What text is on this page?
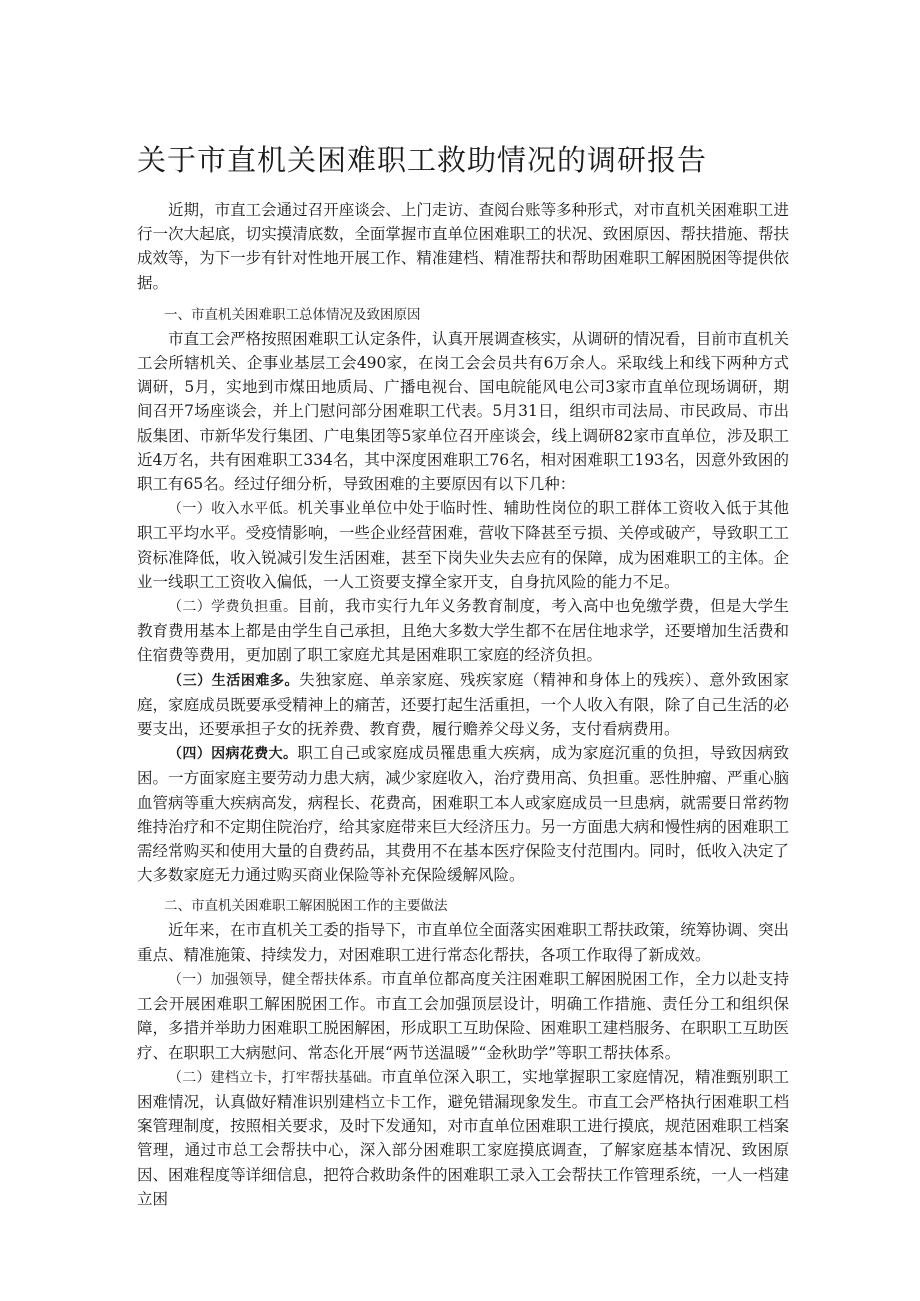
关于市直机关困难职工救助情况的调研报告

近期，市直工会通过召开座谈会、上门走访、查阅台账等多种形式，对市直机关困难职工进行一次大起底，切实摸清底数，全面掌握市直单位困难职工的状况、致困原因、帮扶措施、帮扶成效等，为下一步有针对性地开展工作、精准建档、精准帮扶和帮助困难职工解困脱困等提供依据。

一、市直机关困难职工总体情况及致困原因

市直工会严格按照困难职工认定条件，认真开展调查核实，从调研的情况看，目前市直机关工会所辖机关、企事业基层工会490家，在岗工会会员共有6万余人。采取线上和线下两种方式调研，5月，实地到市煤田地质局、广播电视台、国电皖能风电公司3家市直单位现场调研，期间召开7场座谈会，并上门慰问部分困难职工代表。5月31日，组织市司法局、市民政局、市出版集团、市新华发行集团、广电集团等5家单位召开座谈会，线上调研82家市直单位，涉及职工近4万名，共有困难职工334名，其中深度困难职工76名，相对困难职工193名，因意外致困的职工有65名。经过仔细分析，导致困难的主要原因有以下几种：

（一）收入水平低。机关事业单位中处于临时性、辅助性岗位的职工群体工资收入低于其他职工平均水平。受疫情影响，一些企业经营困难，营收下降甚至亏损、关停或破产，导致职工工资标准降低，收入锐减引发生活困难，甚至下岗失业失去应有的保障，成为困难职工的主体。企业一线职工工资收入偏低，一人工资要支撑全家开支，自身抗风险的能力不足。

（二）学费负担重。目前，我市实行九年义务教育制度，考入高中也免缴学费，但是大学生教育费用基本上都是由学生自己承担，且绝大多数大学生都不在居住地求学，还要增加生活费和住宿费等费用，更加剧了职工家庭尤其是困难职工家庭的经济负担。

（三）生活困难多。失独家庭、单亲家庭、残疾家庭（精神和身体上的残疾）、意外致困家庭，家庭成员既要承受精神上的痛苦，还要打起生活重担，一个人收入有限，除了自己生活的必要支出，还要承担子女的抚养费、教育费，履行赡养父母义务，支付看病费用。

（四）因病花费大。职工自己或家庭成员罹患重大疾病，成为家庭沉重的负担，导致因病致困。一方面家庭主要劳动力患大病，减少家庭收入，治疗费用高、负担重。恶性肿瘤、严重心脑血管病等重大疾病高发，病程长、花费高，困难职工本人或家庭成员一旦患病，就需要日常药物维持治疗和不定期住院治疗，给其家庭带来巨大经济压力。另一方面患大病和慢性病的困难职工需经常购买和使用大量的自费药品，其费用不在基本医疗保险支付范围内。同时，低收入决定了大多数家庭无力通过购买商业保险等补充保险缓解风险。

二、市直机关困难职工解困脱困工作的主要做法

近年来，在市直机关工委的指导下，市直单位全面落实困难职工帮扶政策，统筹协调、突出重点、精准施策、持续发力，对困难职工进行常态化帮扶，各项工作取得了新成效。

（一）加强领导，健全帮扶体系。市直单位都高度关注困难职工解困脱困工作，全力以赴支持工会开展困难职工解困脱困工作。市直工会加强顶层设计，明确工作措施、责任分工和组织保障，多措并举助力困难职工脱困解困，形成职工互助保险、困难职工建档服务、在职职工互助医疗、在职职工大病慰问、常态化开展“两节送温暖”“金秋助学”等职工帮扶体系。

（二）建档立卡，打牢帮扶基础。市直单位深入职工，实地掌握职工家庭情况，精准甄别职工困难情况，认真做好精准识别建档立卡工作，避免错漏现象发生。市直工会严格执行困难职工档案管理制度，按照相关要求，及时下发通知，对市直单位困难职工进行摸底，规范困难职工档案管理，通过市总工会帮扶中心，深入部分困难职工家庭摸底调查，了解家庭基本情况、致困原因、困难程度等详细信息，把符合救助条件的困难职工录入工会帮扶工作管理系统，一人一档建立困
